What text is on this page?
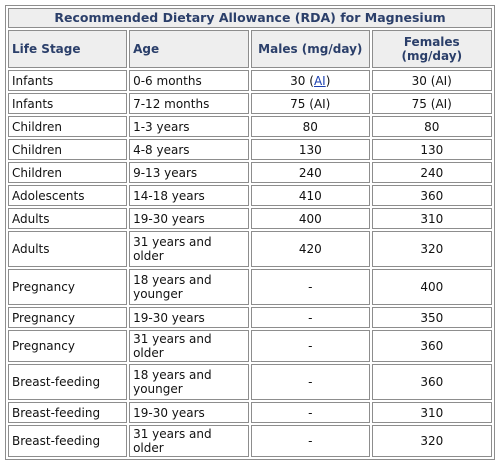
Recommended Dietary Allowance (RDA) for Magnesium			
Life Stage	Age	Males (mg/day)	Females (mg/day)
Infants	0-6 months	30 (AI)	30 (AI)
Infants	7-12 months	75 (AI)	75 (AI)
Children	1-3 years	80	80
Children	4-8 years	130	130
Children	9-13 years	240	240
Adolescents	14-18 years	410	360
Adults	19-30 years	400	310
Adults	31 years and older	420	320
Pregnancy	18 years and younger	-	400
Pregnancy	19-30 years	-	350
Pregnancy	31 years and older	-	360
Breast-feeding	18 years and younger	-	360
Breast-feeding	19-30 years	-	310
Breast-feeding	31 years and older	-	320
